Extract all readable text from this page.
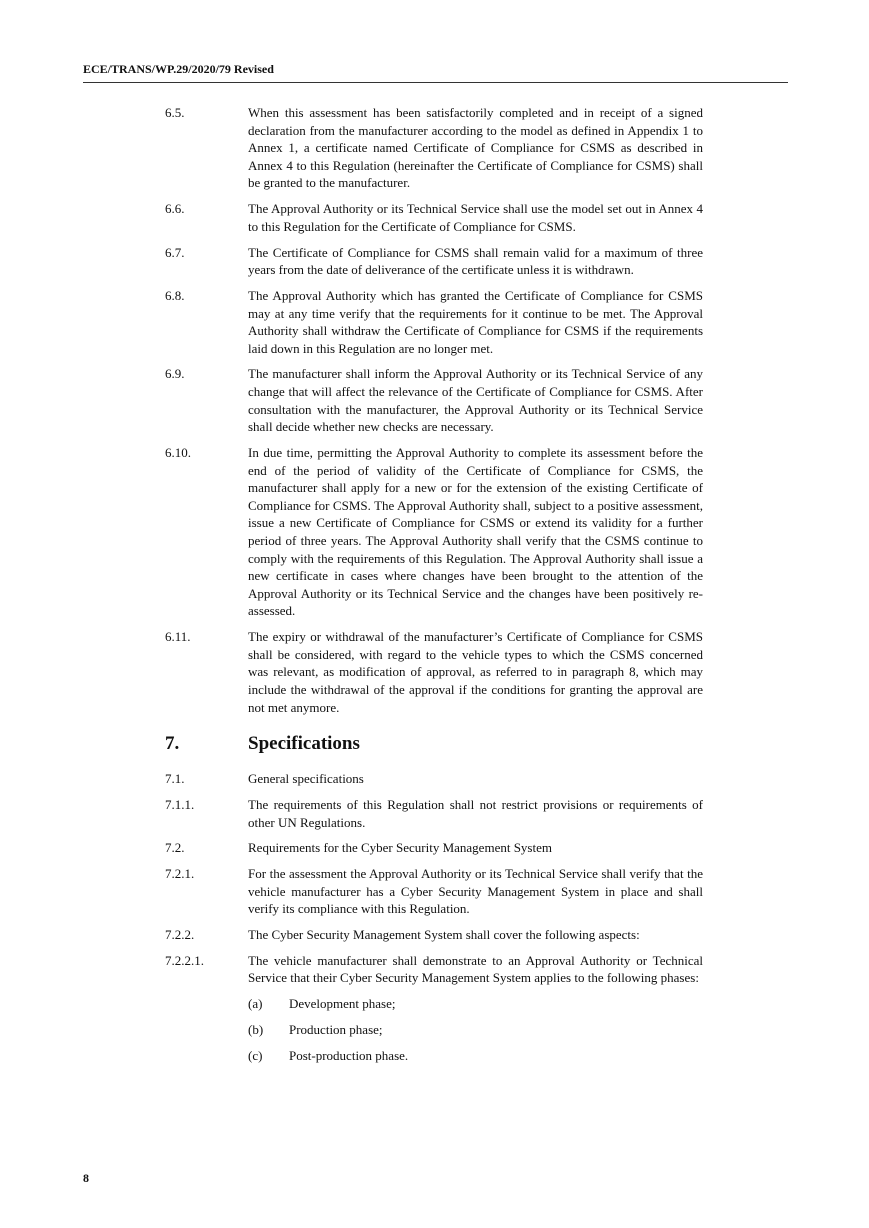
ECE/TRANS/WP.29/2020/79 Revised
6.5.	When this assessment has been satisfactorily completed and in receipt of a signed declaration from the manufacturer according to the model as defined in Appendix 1 to Annex 1, a certificate named Certificate of Compliance for CSMS as described in Annex 4 to this Regulation (hereinafter the Certificate of Compliance for CSMS) shall be granted to the manufacturer.
6.6.	The Approval Authority or its Technical Service shall use the model set out in Annex 4 to this Regulation for the Certificate of Compliance for CSMS.
6.7.	The Certificate of Compliance for CSMS shall remain valid for a maximum of three years from the date of deliverance of the certificate unless it is withdrawn.
6.8.	The Approval Authority which has granted the Certificate of Compliance for CSMS may at any time verify that the requirements for it continue to be met. The Approval Authority shall withdraw the Certificate of Compliance for CSMS if the requirements laid down in this Regulation are no longer met.
6.9.	The manufacturer shall inform the Approval Authority or its Technical Service of any change that will affect the relevance of the Certificate of Compliance for CSMS. After consultation with the manufacturer, the Approval Authority or its Technical Service shall decide whether new checks are necessary.
6.10.	In due time, permitting the Approval Authority to complete its assessment before the end of the period of validity of the Certificate of Compliance for CSMS, the manufacturer shall apply for a new or for the extension of the existing Certificate of Compliance for CSMS. The Approval Authority shall, subject to a positive assessment, issue a new Certificate of Compliance for CSMS or extend its validity for a further period of three years. The Approval Authority shall verify that the CSMS continue to comply with the requirements of this Regulation. The Approval Authority shall issue a new certificate in cases where changes have been brought to the attention of the Approval Authority or its Technical Service and the changes have been positively re-assessed.
6.11.	The expiry or withdrawal of the manufacturer’s Certificate of Compliance for CSMS shall be considered, with regard to the vehicle types to which the CSMS concerned was relevant, as modification of approval, as referred to in paragraph 8, which may include the withdrawal of the approval if the conditions for granting the approval are not met anymore.
7.	Specifications
7.1.	General specifications
7.1.1.	The requirements of this Regulation shall not restrict provisions or requirements of other UN Regulations.
7.2.	Requirements for the Cyber Security Management System
7.2.1.	For the assessment the Approval Authority or its Technical Service shall verify that the vehicle manufacturer has a Cyber Security Management System in place and shall verify its compliance with this Regulation.
7.2.2.	The Cyber Security Management System shall cover the following aspects:
7.2.2.1.	The vehicle manufacturer shall demonstrate to an Approval Authority or Technical Service that their Cyber Security Management System applies to the following phases:
(a)	Development phase;
(b)	Production phase;
(c)	Post-production phase.
8
